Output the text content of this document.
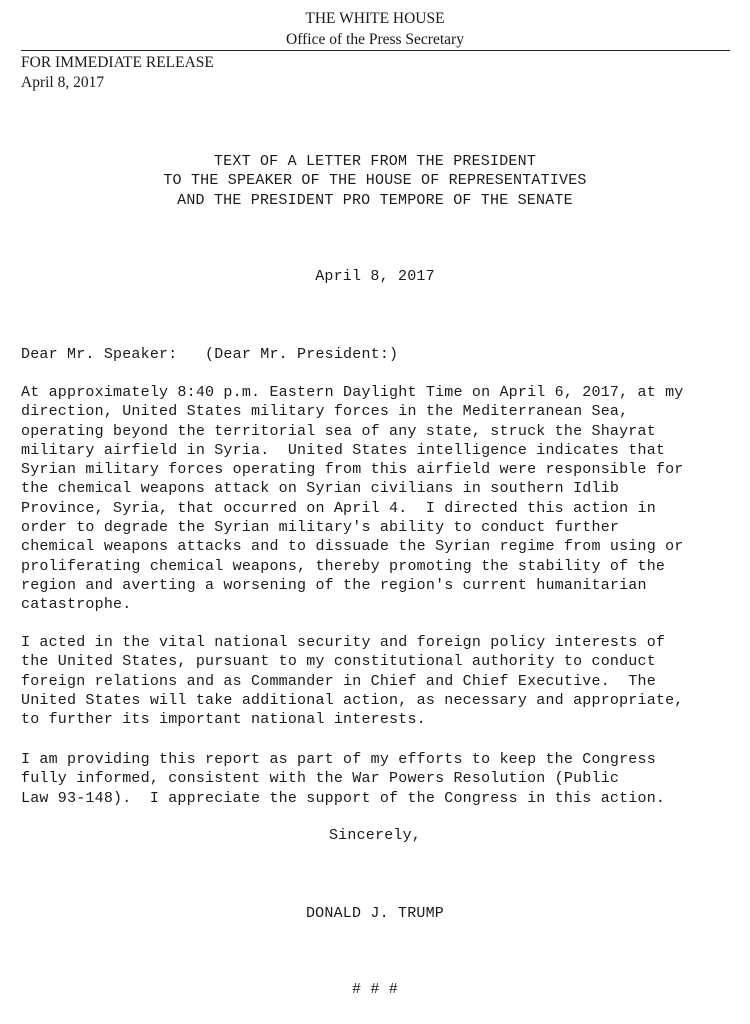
THE WHITE HOUSE
Office of the Press Secretary
FOR IMMEDIATE RELEASE
April 8, 2017
TEXT OF A LETTER FROM THE PRESIDENT
TO THE SPEAKER OF THE HOUSE OF REPRESENTATIVES
AND THE PRESIDENT PRO TEMPORE OF THE SENATE
April 8, 2017
Dear Mr. Speaker:   (Dear Mr. President:)
At approximately 8:40 p.m. Eastern Daylight Time on April 6, 2017, at my
direction, United States military forces in the Mediterranean Sea,
operating beyond the territorial sea of any state, struck the Shayrat
military airfield in Syria.  United States intelligence indicates that
Syrian military forces operating from this airfield were responsible for
the chemical weapons attack on Syrian civilians in southern Idlib
Province, Syria, that occurred on April 4.  I directed this action in
order to degrade the Syrian military's ability to conduct further
chemical weapons attacks and to dissuade the Syrian regime from using or
proliferating chemical weapons, thereby promoting the stability of the
region and averting a worsening of the region's current humanitarian
catastrophe.
I acted in the vital national security and foreign policy interests of
the United States, pursuant to my constitutional authority to conduct
foreign relations and as Commander in Chief and Chief Executive.  The
United States will take additional action, as necessary and appropriate,
to further its important national interests.
I am providing this report as part of my efforts to keep the Congress
fully informed, consistent with the War Powers Resolution (Public
Law 93-148).  I appreciate the support of the Congress in this action.
Sincerely,
DONALD J. TRUMP
# # #
